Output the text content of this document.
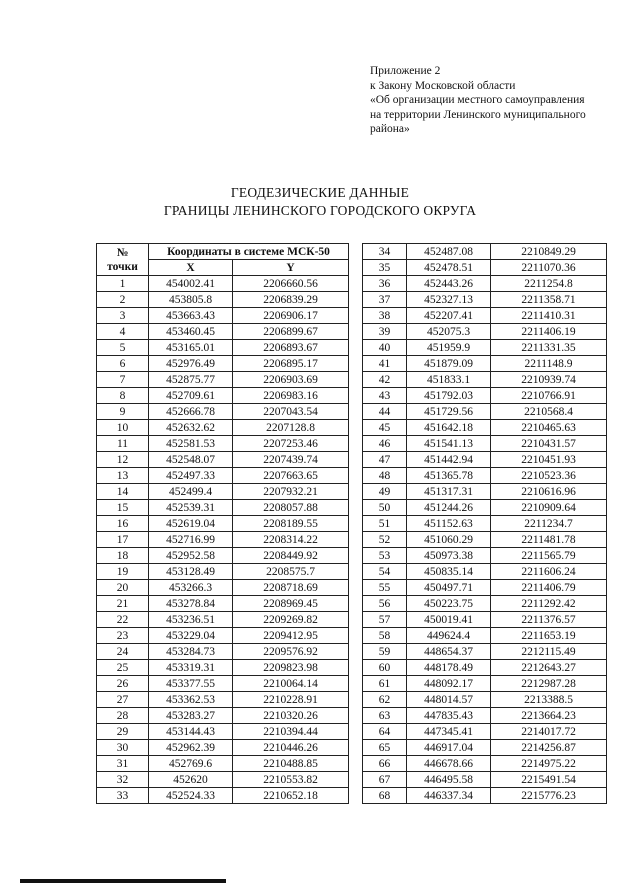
Приложение 2
к Закону Московской области
«Об организации местного самоуправления
на территории Ленинского муниципального
района»
ГЕОДЕЗИЧЕСКИЕ ДАННЫЕ
ГРАНИЦЫ ЛЕНИНСКОГО ГОРОДСКОГО ОКРУГА
№
точки	Координаты в системе МСК-50	
	X	Y
1	454002.41	2206660.56
2	453805.8	2206839.29
3	453663.43	2206906.17
4	453460.45	2206899.67
5	453165.01	2206893.67
6	452976.49	2206895.17
7	452875.77	2206903.69
8	452709.61	2206983.16
9	452666.78	2207043.54
10	452632.62	2207128.8
11	452581.53	2207253.46
12	452548.07	2207439.74
13	452497.33	2207663.65
14	452499.4	2207932.21
15	452539.31	2208057.88
16	452619.04	2208189.55
17	452716.99	2208314.22
18	452952.58	2208449.92
19	453128.49	2208575.7
20	453266.3	2208718.69
21	453278.84	2208969.45
22	453236.51	2209269.82
23	453229.04	2209412.95
24	453284.73	2209576.92
25	453319.31	2209823.98
26	453377.55	2210064.14
27	453362.53	2210228.91
28	453283.27	2210320.26
29	453144.43	2210394.44
30	452962.39	2210446.26
31	452769.6	2210488.85
32	452620	2210553.82
33	452524.33	2210652.18
34	452487.08	2210849.29
35	452478.51	2211070.36
36	452443.26	2211254.8
37	452327.13	2211358.71
38	452207.41	2211410.31
39	452075.3	2211406.19
40	451959.9	2211331.35
41	451879.09	2211148.9
42	451833.1	2210939.74
43	451792.03	2210766.91
44	451729.56	2210568.4
45	451642.18	2210465.63
46	451541.13	2210431.57
47	451442.94	2210451.93
48	451365.78	2210523.36
49	451317.31	2210616.96
50	451244.26	2210909.64
51	451152.63	2211234.7
52	451060.29	2211481.78
53	450973.38	2211565.79
54	450835.14	2211606.24
55	450497.71	2211406.79
56	450223.75	2211292.42
57	450019.41	2211376.57
58	449624.4	2211653.19
59	448654.37	2212115.49
60	448178.49	2212643.27
61	448092.17	2212987.28
62	448014.57	2213388.5
63	447835.43	2213664.23
64	447345.41	2214017.72
65	446917.04	2214256.87
66	446678.66	2214975.22
67	446495.58	2215491.54
68	446337.34	2215776.23
